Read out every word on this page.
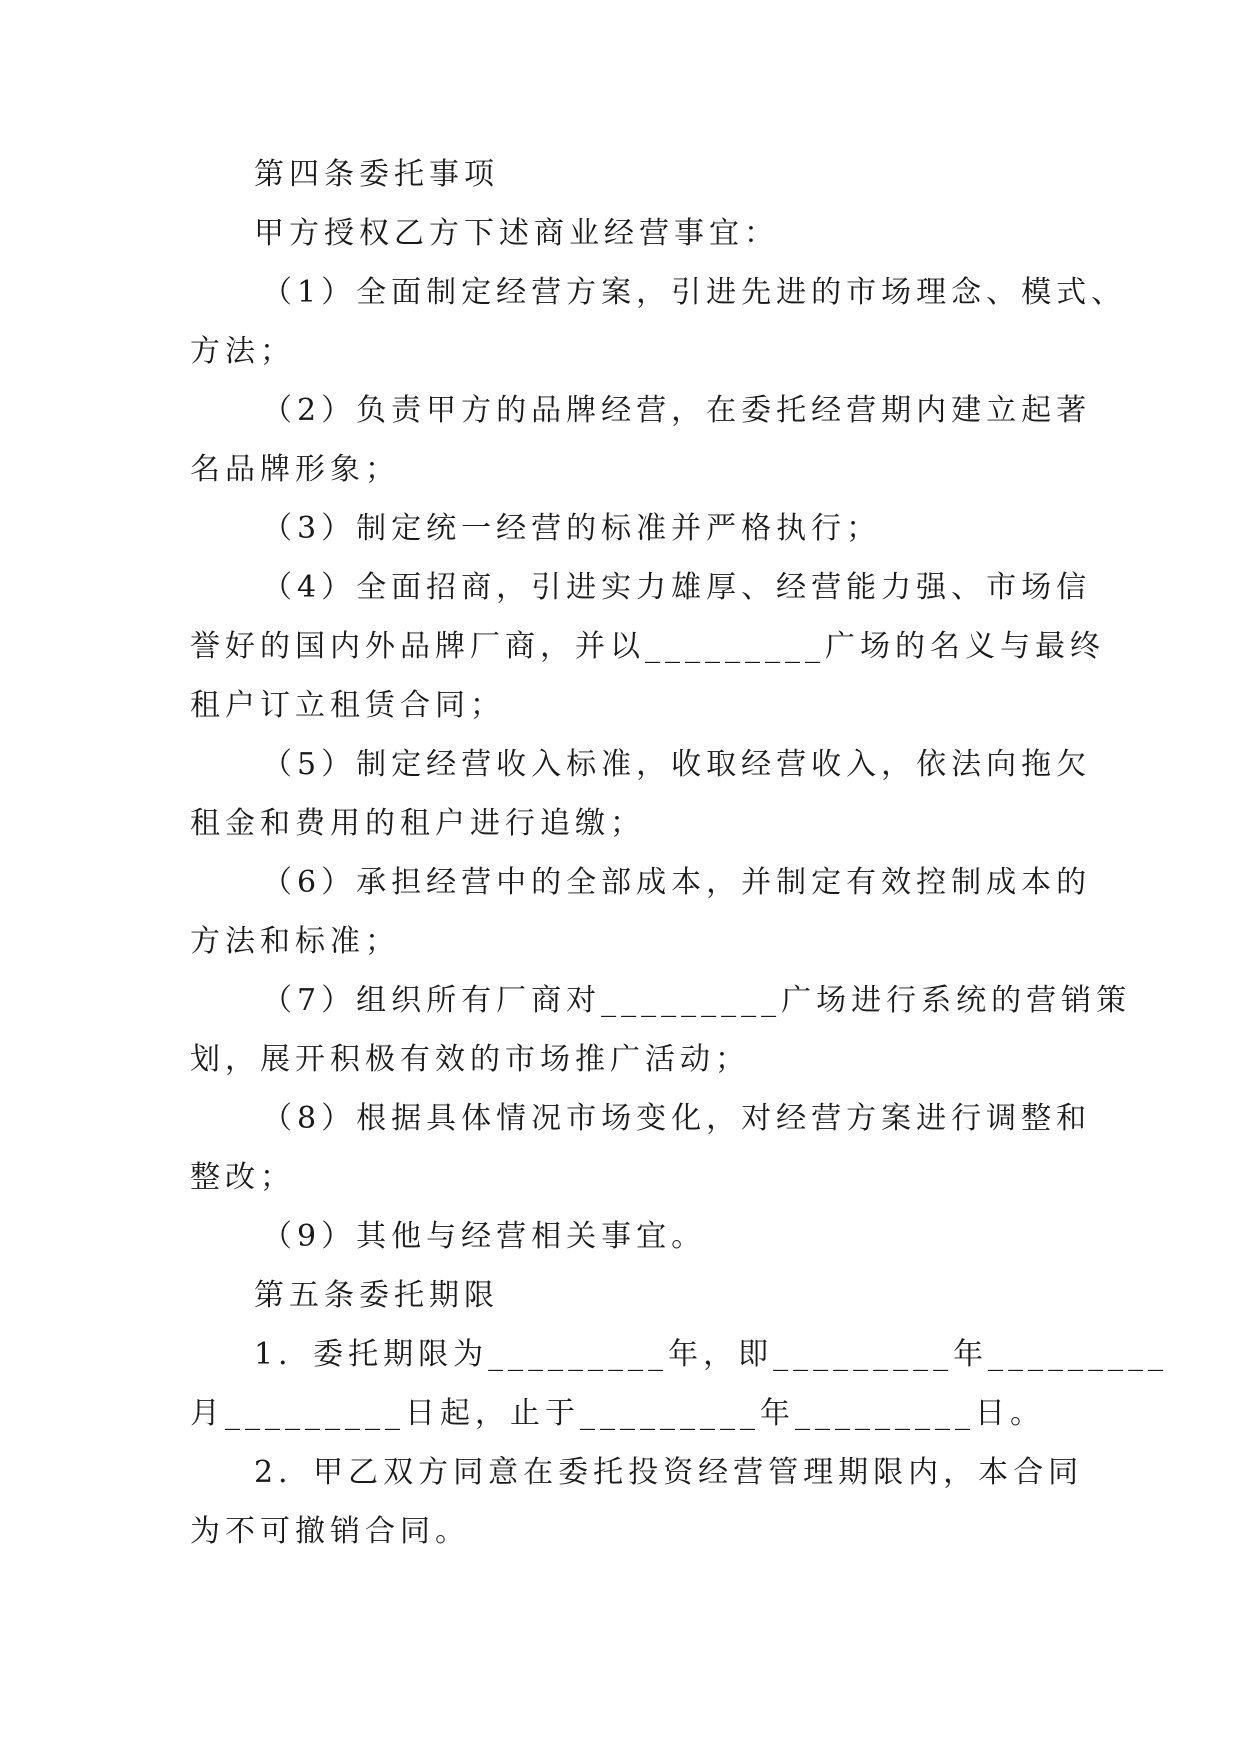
第四条委托事项
甲方授权乙方下述商业经营事宜：
（1）全面制定经营方案，引进先进的市场理念、模式、
方法；
（2）负责甲方的品牌经营，在委托经营期内建立起著
名品牌形象；
（3）制定统一经营的标准并严格执行；
（4）全面招商，引进实力雄厚、经营能力强、市场信
誉好的国内外品牌厂商，并以_________广场的名义与最终
租户订立租赁合同；
（5）制定经营收入标准，收取经营收入，依法向拖欠
租金和费用的租户进行追缴；
（6）承担经营中的全部成本，并制定有效控制成本的
方法和标准；
（7）组织所有厂商对_________广场进行系统的营销策
划，展开积极有效的市场推广活动；
（8）根据具体情况市场变化，对经营方案进行调整和
整改；
（9）其他与经营相关事宜。
第五条委托期限
1．委托期限为_________年，即_________年_________
月_________日起，止于_________年_________日。
2．甲乙双方同意在委托投资经营管理期限内，本合同
为不可撤销合同。
